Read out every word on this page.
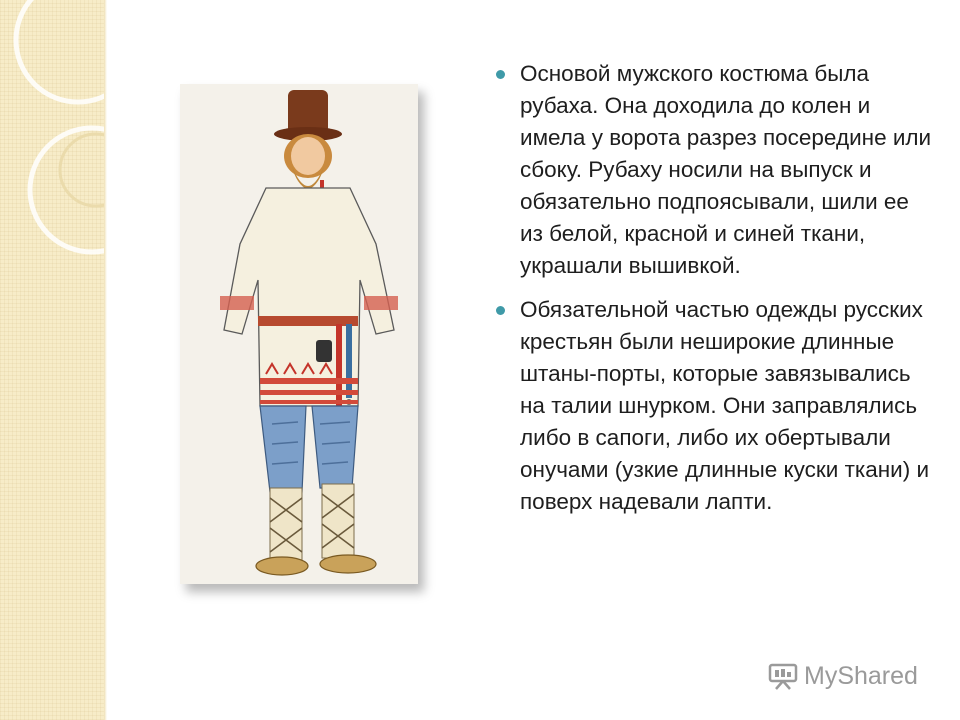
Основой мужского костюма была рубаха. Она доходила до колен и имела у ворота разрез посередине или сбоку. Рубаху носили на выпуск и обязательно подпоясывали, шили ее из белой, красной и синей ткани, украшали вышивкой.
Обязательной частью одежды русских крестьян были неширокие длинные штаны-порты, которые завязывались на талии шнурком. Они заправлялись либо в сапоги, либо их обертывали онучами (узкие длинные куски ткани) и поверх надевали лапти.
MyShared
